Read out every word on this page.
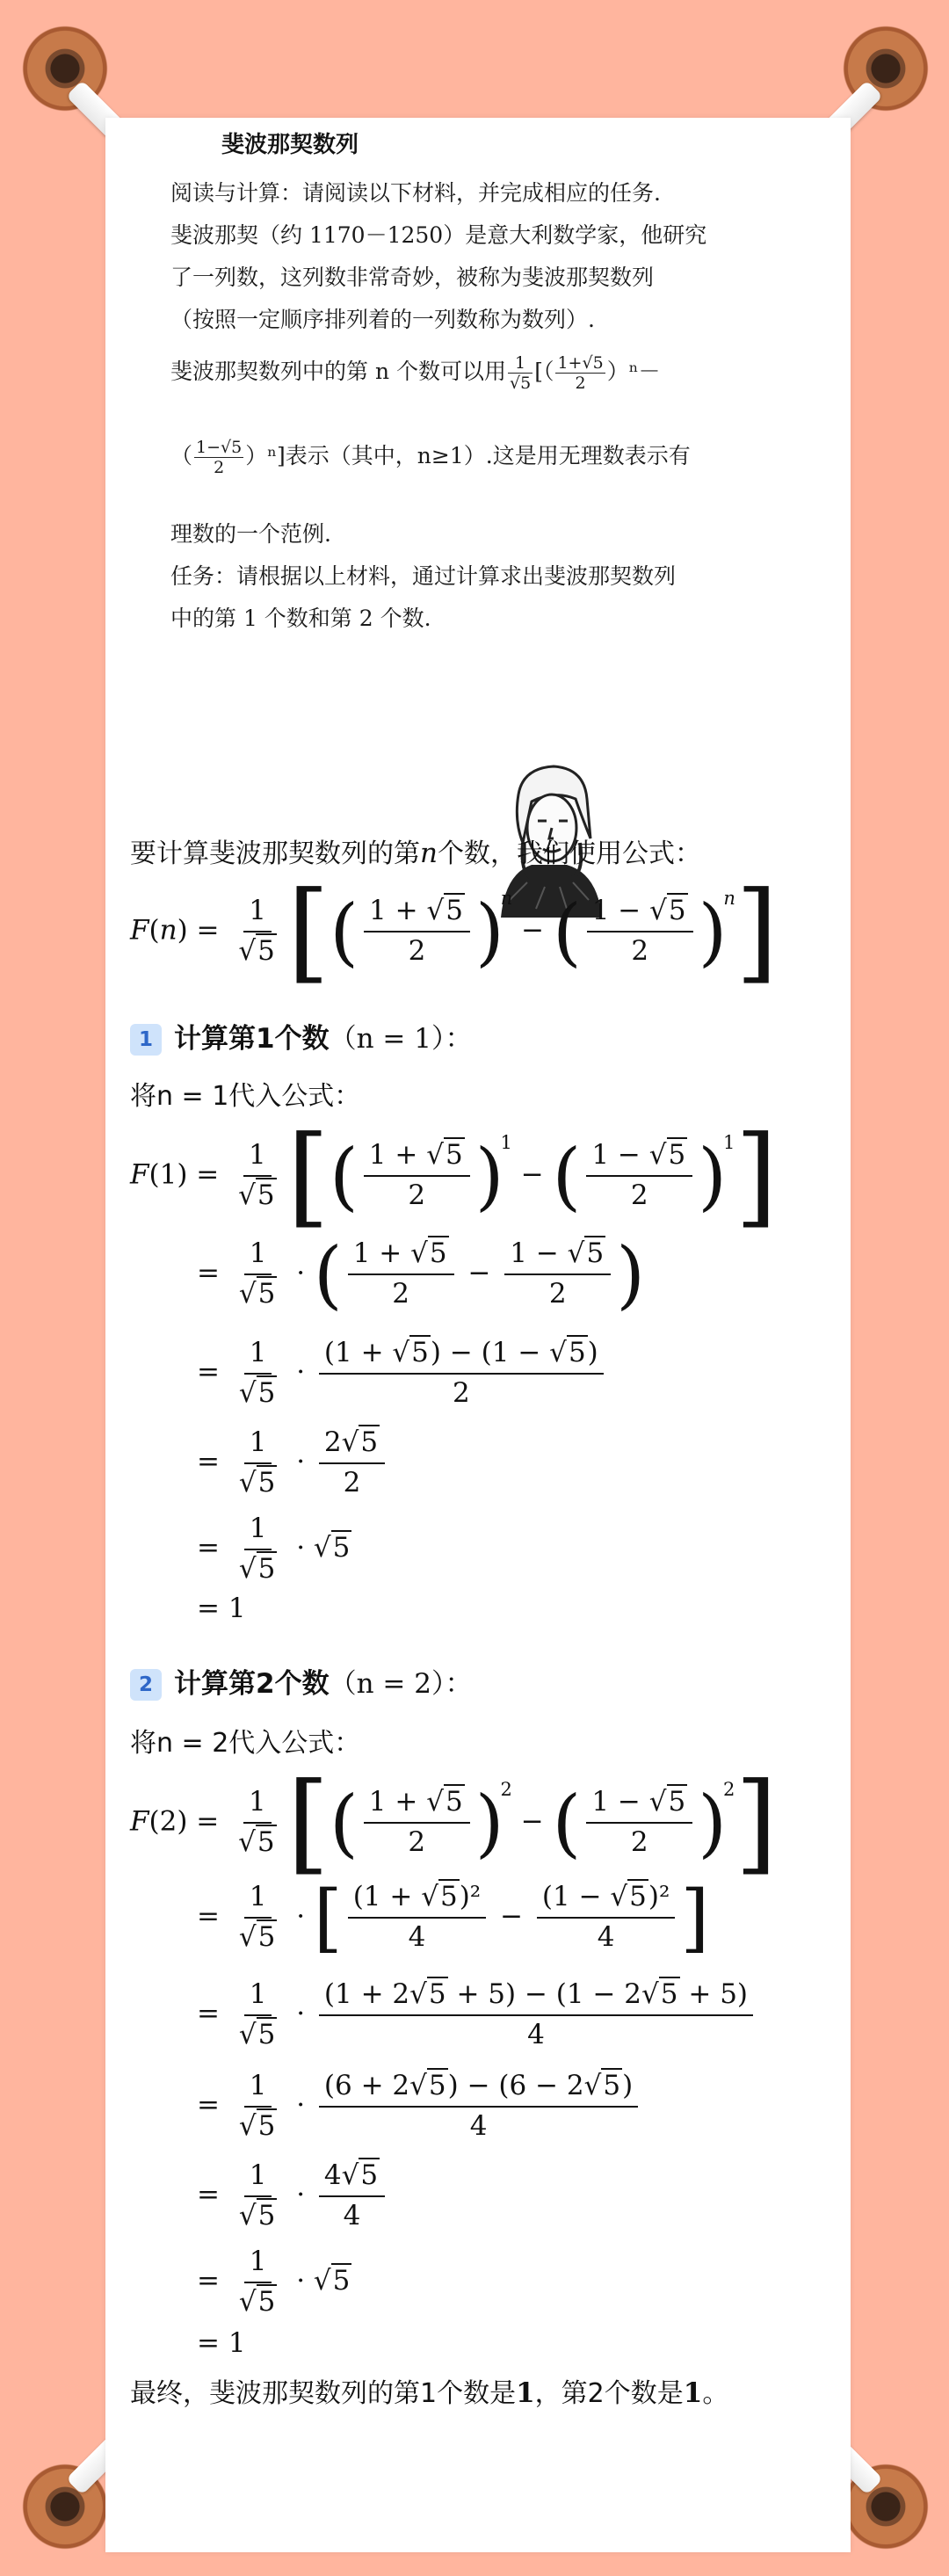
斐波那契数列
阅读与计算：请阅读以下材料，并完成相应的任务.
斐波那契（约 1170－1250）是意大利数学家，他研究
了一列数，这列数非常奇妙，被称为斐波那契数列
（按照一定顺序排列着的一列数称为数列）.
斐波那契数列中的第 n 个数可以用 $\frac{1}{√5}$ [（ $\frac{1+√5}{2} )^n-$
（ $\frac{1-√5}{2} )^n$]表示（其中，n≥1）.这是用无理数表示有
理数的一个范例.
任务：请根据以上材料，通过计算求出斐波那契数列
中的第 1 个数和第 2 个数.
要计算斐波那契数列的第n个数，我们使用公式：
$F(n) = \frac{1}{√5}$ [( $\frac{1 + √5}{2} )^n$ − ( $\frac{1 - √5}{2} )^n$]
1 计算第1个数（n = 1）：
将n = 1代入公式：
$F(1) = \frac{1}{√5}$ [( $\frac{1 + √5}{2} )^1$ − ( $\frac{1 - √5}{2} )^1$]
= $\frac{1}{√5}$ · ( $\frac{1 + √5}{2} - \frac{1 - √5}{2}$ )
= $\frac{1}{√5} \cdot \frac{(1 + √5) - (1 - √5)}{2}$
= $\frac{1}{√5} \cdot \frac{2√5}{2}$
= $\frac{1}{√5} \cdot √5$
= 1
2 计算第2个数（n = 2）：
将n = 2代入公式：
$F(2) = \frac{1}{√5}$ [( $\frac{1 + √5}{2} )^2$ − ( $\frac{1 - √5}{2} )^2$]
= $\frac{1}{√5}$ · [ $\frac{\text{(1 + √5)²}}{4} - \frac{\text{(1 − √5)²}}{4}$ ]
= $\frac{1}{√5} \cdot \frac{(1 + 2√5 + 5) - (1 - 2√5 + 5)}{4}$
= $\frac{1}{√5} \cdot \frac{(6 + 2√5) - (6 - 2√5)}{4}$
= $\frac{1}{√5} \cdot \frac{4√5}{4}$
= $\frac{1}{√5} \cdot √5$
= 1
最终，斐波那契数列的第1个数是1，第2个数是1。
